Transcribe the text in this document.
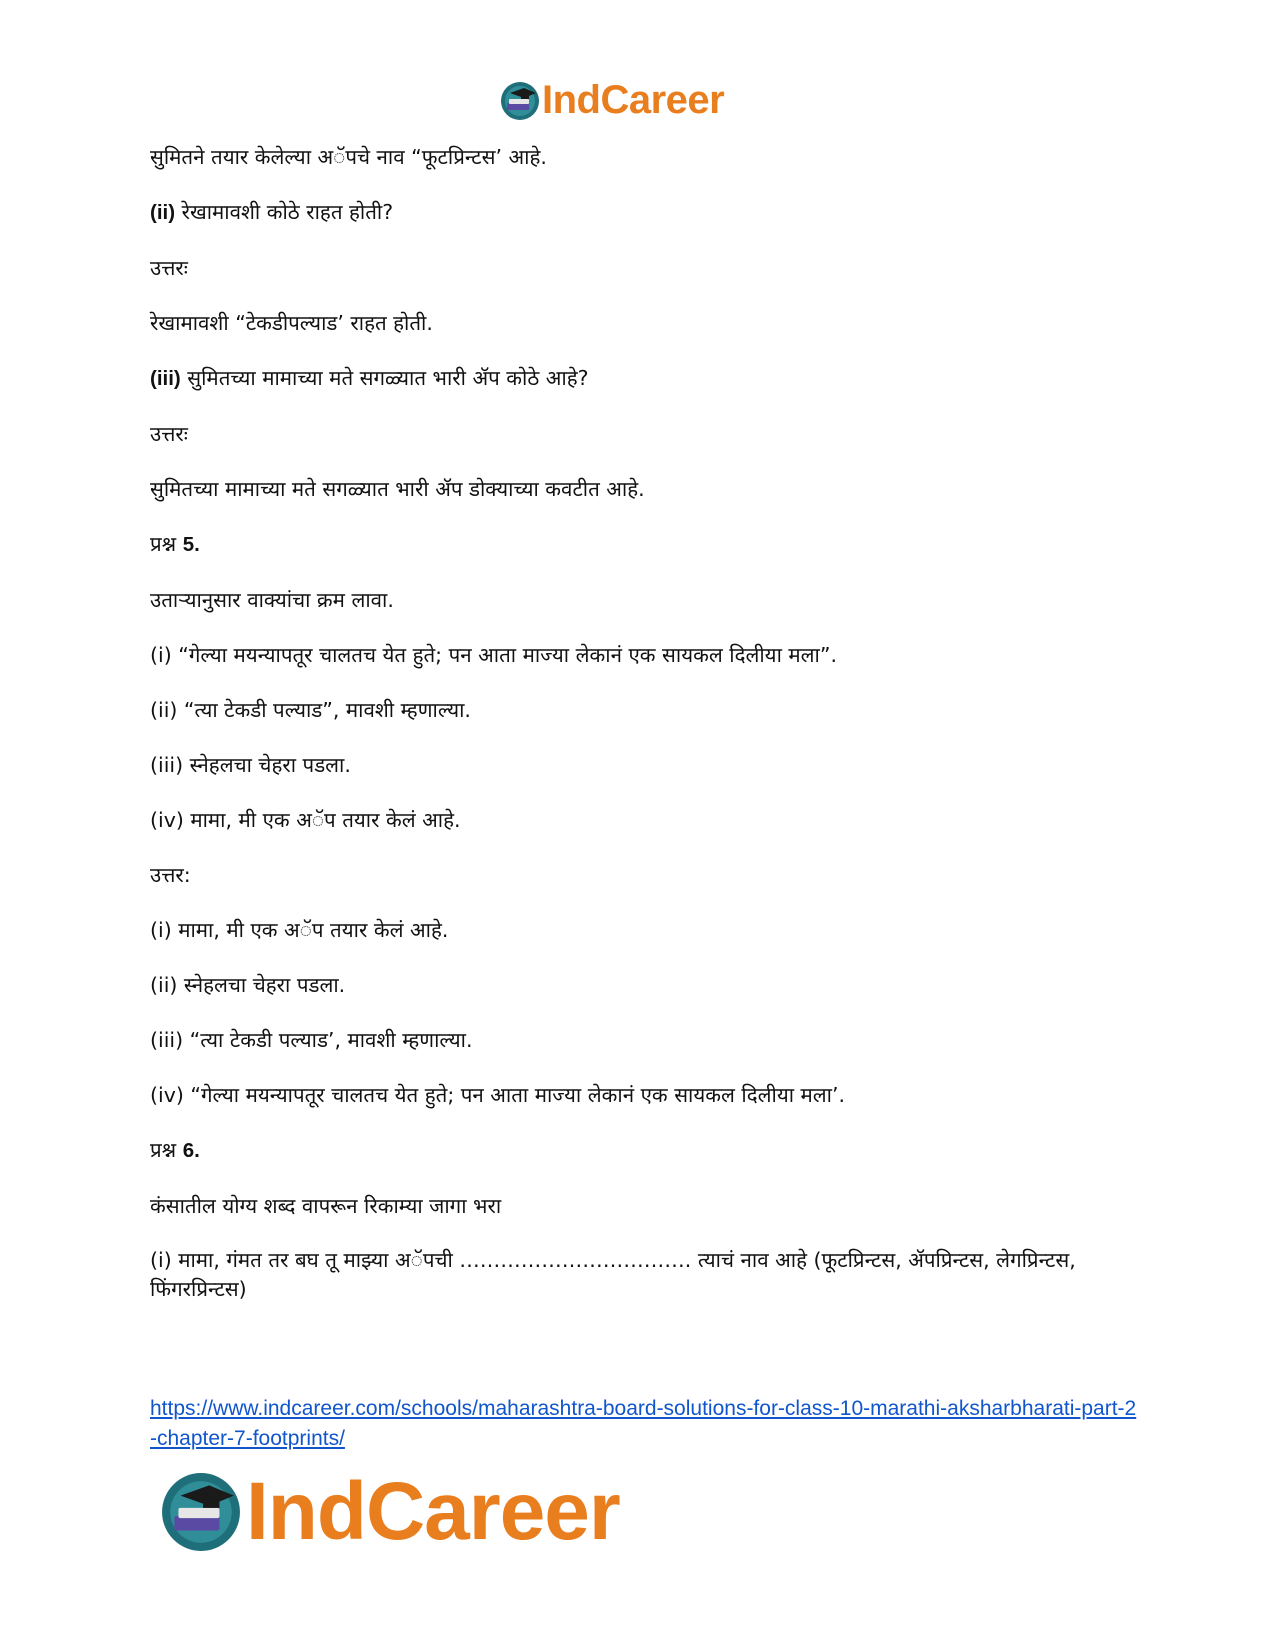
IndCareer

सुमितने तयार केलेल्या अॅपचे नाव “फूटप्रिन्टस’ आहे.

(ii) रेखामावशी कोठे राहत होती?

उत्तरः

रेखामावशी “टेकडीपल्याड’ राहत होती.

(iii) सुमितच्या मामाच्या मते सगळ्यात भारी ॲप कोठे आहे?

उत्तरः

सुमितच्या मामाच्या मते सगळ्यात भारी ॲप डोक्याच्या कवटीत आहे.

प्रश्न 5.

उताऱ्यानुसार वाक्यांचा क्रम लावा.

(i) “गेल्या मयन्यापतूर चालतच येत हुते; पन आता माज्या लेकानं एक सायकल दिलीया मला”.

(ii) “त्या टेकडी पल्याड”, मावशी म्हणाल्या.

(iii) स्नेहलचा चेहरा पडला.

(iv) मामा, मी एक अॅप तयार केलं आहे.

उत्तर:

(i) मामा, मी एक अॅप तयार केलं आहे.

(ii) स्नेहलचा चेहरा पडला.

(iii) “त्या टेकडी पल्याड’, मावशी म्हणाल्या.

(iv) “गेल्या मयन्यापतूर चालतच येत हुते; पन आता माज्या लेकानं एक सायकल दिलीया मला’.

प्रश्न 6.

कंसातील योग्य शब्द वापरून रिकाम्या जागा भरा

(i) मामा, गंमत तर बघ तू माझ्या अॅपची ……………………………. त्याचं नाव आहे (फूटप्रिन्टस, ॲपप्रिन्टस, लेगप्रिन्टस, फिंगरप्रिन्टस)

https://www.indcareer.com/schools/maharashtra-board-solutions-for-class-10-marathi-aksharbharati-part-2-chapter-7-footprints/
IndCareer
